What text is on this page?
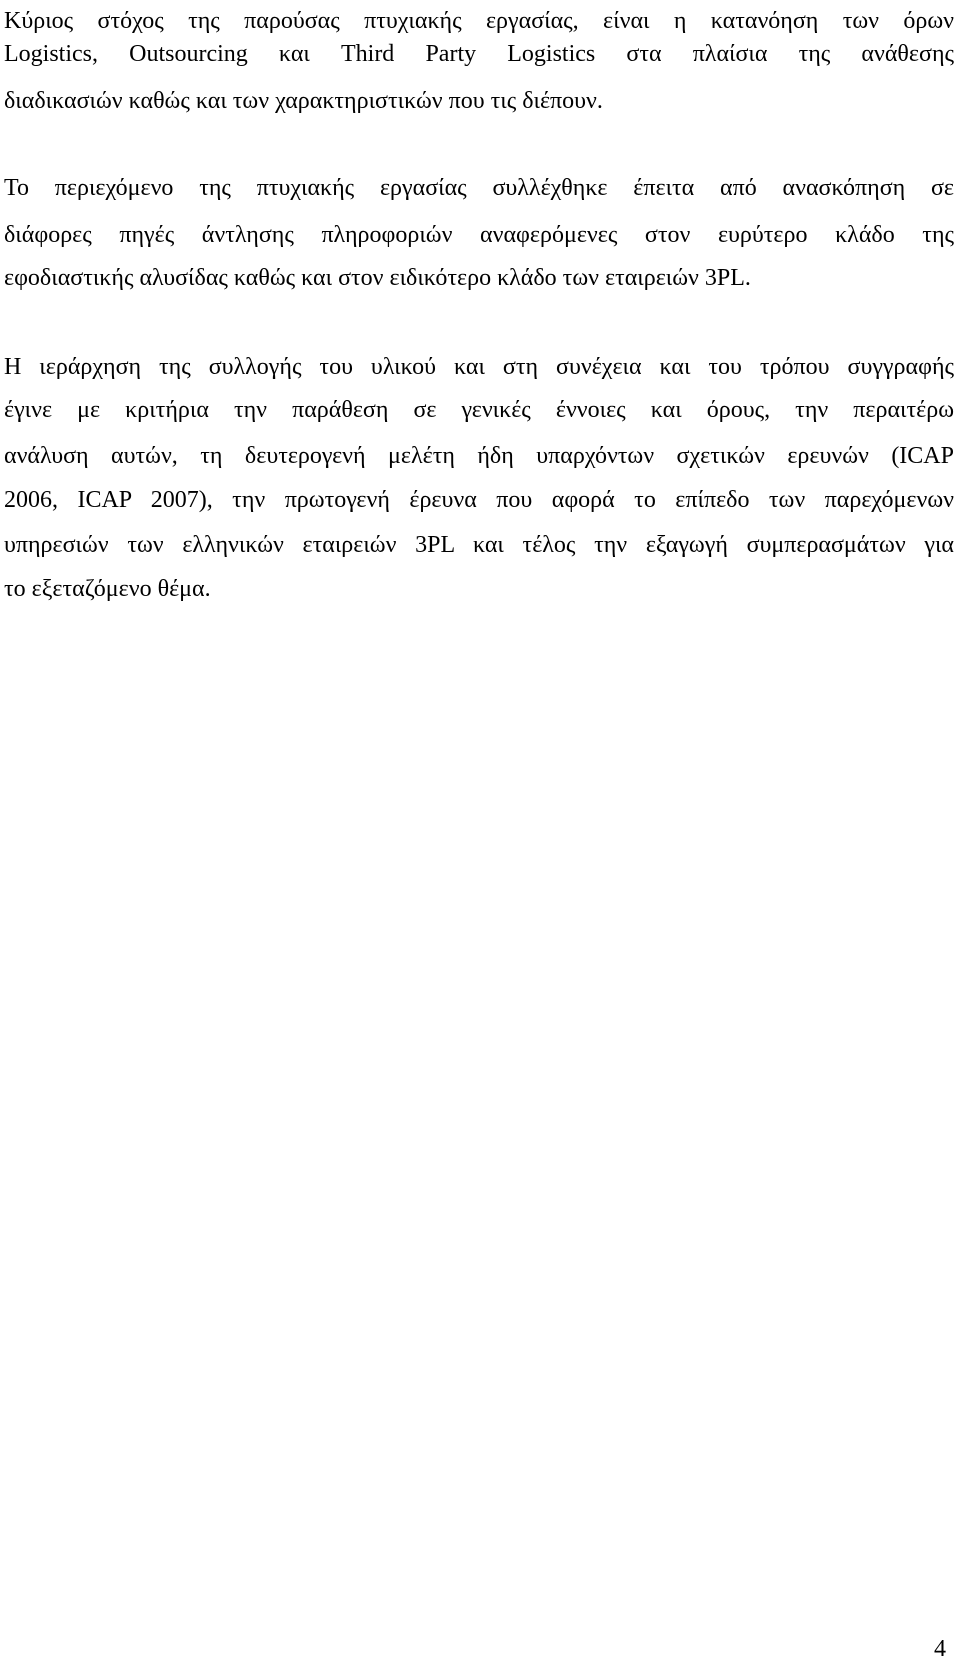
Κύριος στόχος της παρούσας πτυχιακής εργασίας, είναι η κατανόηση των όρων
Logistics, Outsourcing και Third Party Logistics στα πλαίσια της ανάθεσης
διαδικασιών καθώς και των χαρακτηριστικών που τις διέπουν.
Το περιεχόμενο της πτυχιακής εργασίας συλλέχθηκε έπειτα από ανασκόπηση σε
διάφορες πηγές άντλησης πληροφοριών αναφερόμενες στον ευρύτερο κλάδο της
εφοδιαστικής αλυσίδας καθώς και στον ειδικότερο κλάδο των εταιρειών 3PL.
Η ιεράρχηση της συλλογής του υλικού και στη συνέχεια και του τρόπου συγγραφής
έγινε με κριτήρια την παράθεση σε γενικές έννοιες και όρους, την περαιτέρω
ανάλυση αυτών, τη δευτερογενή μελέτη ήδη υπαρχόντων σχετικών ερευνών (ICAP
2006, ICAP 2007), την πρωτογενή έρευνα που αφορά το επίπεδο των παρεχόμενων
υπηρεσιών των ελληνικών εταιρειών 3PL και τέλος την εξαγωγή συμπερασμάτων για
το εξεταζόμενο θέμα.
4
